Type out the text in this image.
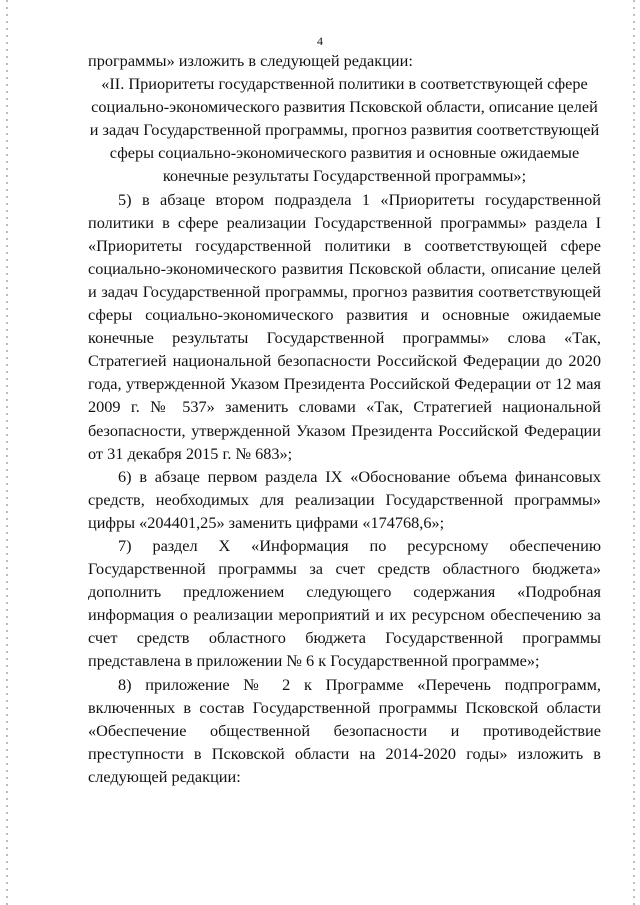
4

программы» изложить в следующей редакции:

«II. Приоритеты государственной политики в соответствующей сфере социально-экономического развития Псковской области, описание целей и задач Государственной программы, прогноз развития соответствующей сферы социально-экономического развития и основные ожидаемые конечные результаты Государственной программы»;

5) в абзаце втором подраздела 1 «Приоритеты государственной политики в сфере реализации Государственной программы» раздела I «Приоритеты государственной политики в соответствующей сфере социально-экономического развития Псковской области, описание целей и задач Государственной программы, прогноз развития соответствующей сферы социально-экономического развития и основные ожидаемые конечные результаты Государственной программы» слова «Так, Стратегией национальной безопасности Российской Федерации до 2020 года, утвержденной Указом Президента Российской Федерации от 12 мая 2009 г. № 537» заменить словами «Так, Стратегией национальной безопасности, утвержденной Указом Президента Российской Федерации от 31 декабря 2015 г. № 683»;

6) в абзаце первом раздела IX «Обоснование объема финансовых средств, необходимых для реализации Государственной программы» цифры «204401,25» заменить цифрами «174768,6»;

7) раздел X «Информация по ресурсному обеспечению Государственной программы за счет средств областного бюджета» дополнить предложением следующего содержания «Подробная информация о реализации мероприятий и их ресурсном обеспечению за счет средств областного бюджета Государственной программы представлена в приложении № 6 к Государственной программе»;

8) приложение № 2 к Программе «Перечень подпрограмм, включенных в состав Государственной программы Псковской области «Обеспечение общественной безопасности и противодействие преступности в Псковской области на 2014-2020 годы» изложить в следующей редакции:
